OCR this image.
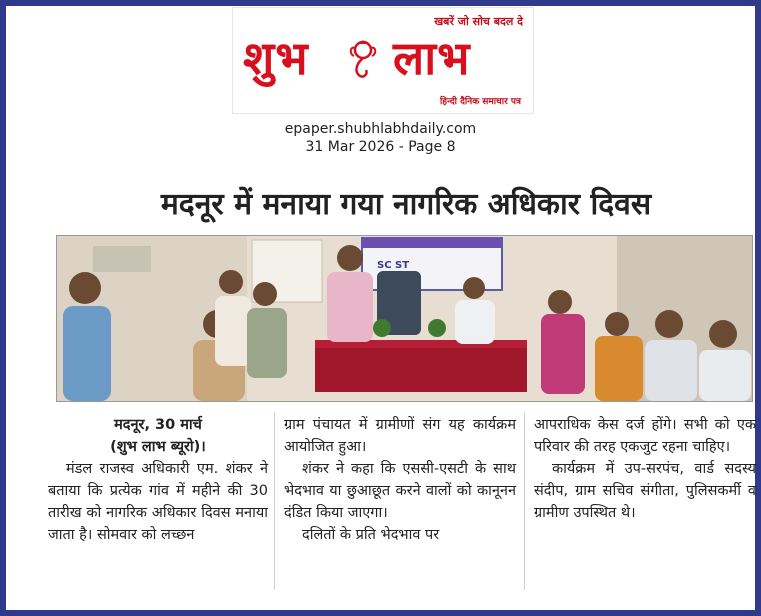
खबरें जो सोच बदल दे
शुभ लाभ
हिन्दी दैनिक समाचार पत्र
epaper.shubhlabhdaily.com
31 Mar 2026 - Page 8
मदनूर में मनाया गया नागरिक अधिकार दिवस
SC ST
मदनूर, 30 मार्च
(शुभ लाभ ब्यूरो)।

मंडल राजस्व अधिकारी एम. शंकर ने बताया कि प्रत्येक गांव में महीने की 30 तारीख को नागरिक अधिकार दिवस मनाया जाता है। सोमवार को लच्छन

ग्राम पंचायत में ग्रामीणों संग यह कार्यक्रम आयोजित हुआ।

शंकर ने कहा कि एससी-एसटी के साथ भेदभाव या छुआछूत करने वालों को कानूनन दंडित किया जाएगा।

दलितों के प्रति भेदभाव पर

आपराधिक केस दर्ज होंगे। सभी को एक परिवार की तरह एकजुट रहना चाहिए।

कार्यक्रम में उप-सरपंच, वार्ड सदस्य संदीप, ग्राम सचिव संगीता, पुलिसकर्मी व ग्रामीण उपस्थित थे।
